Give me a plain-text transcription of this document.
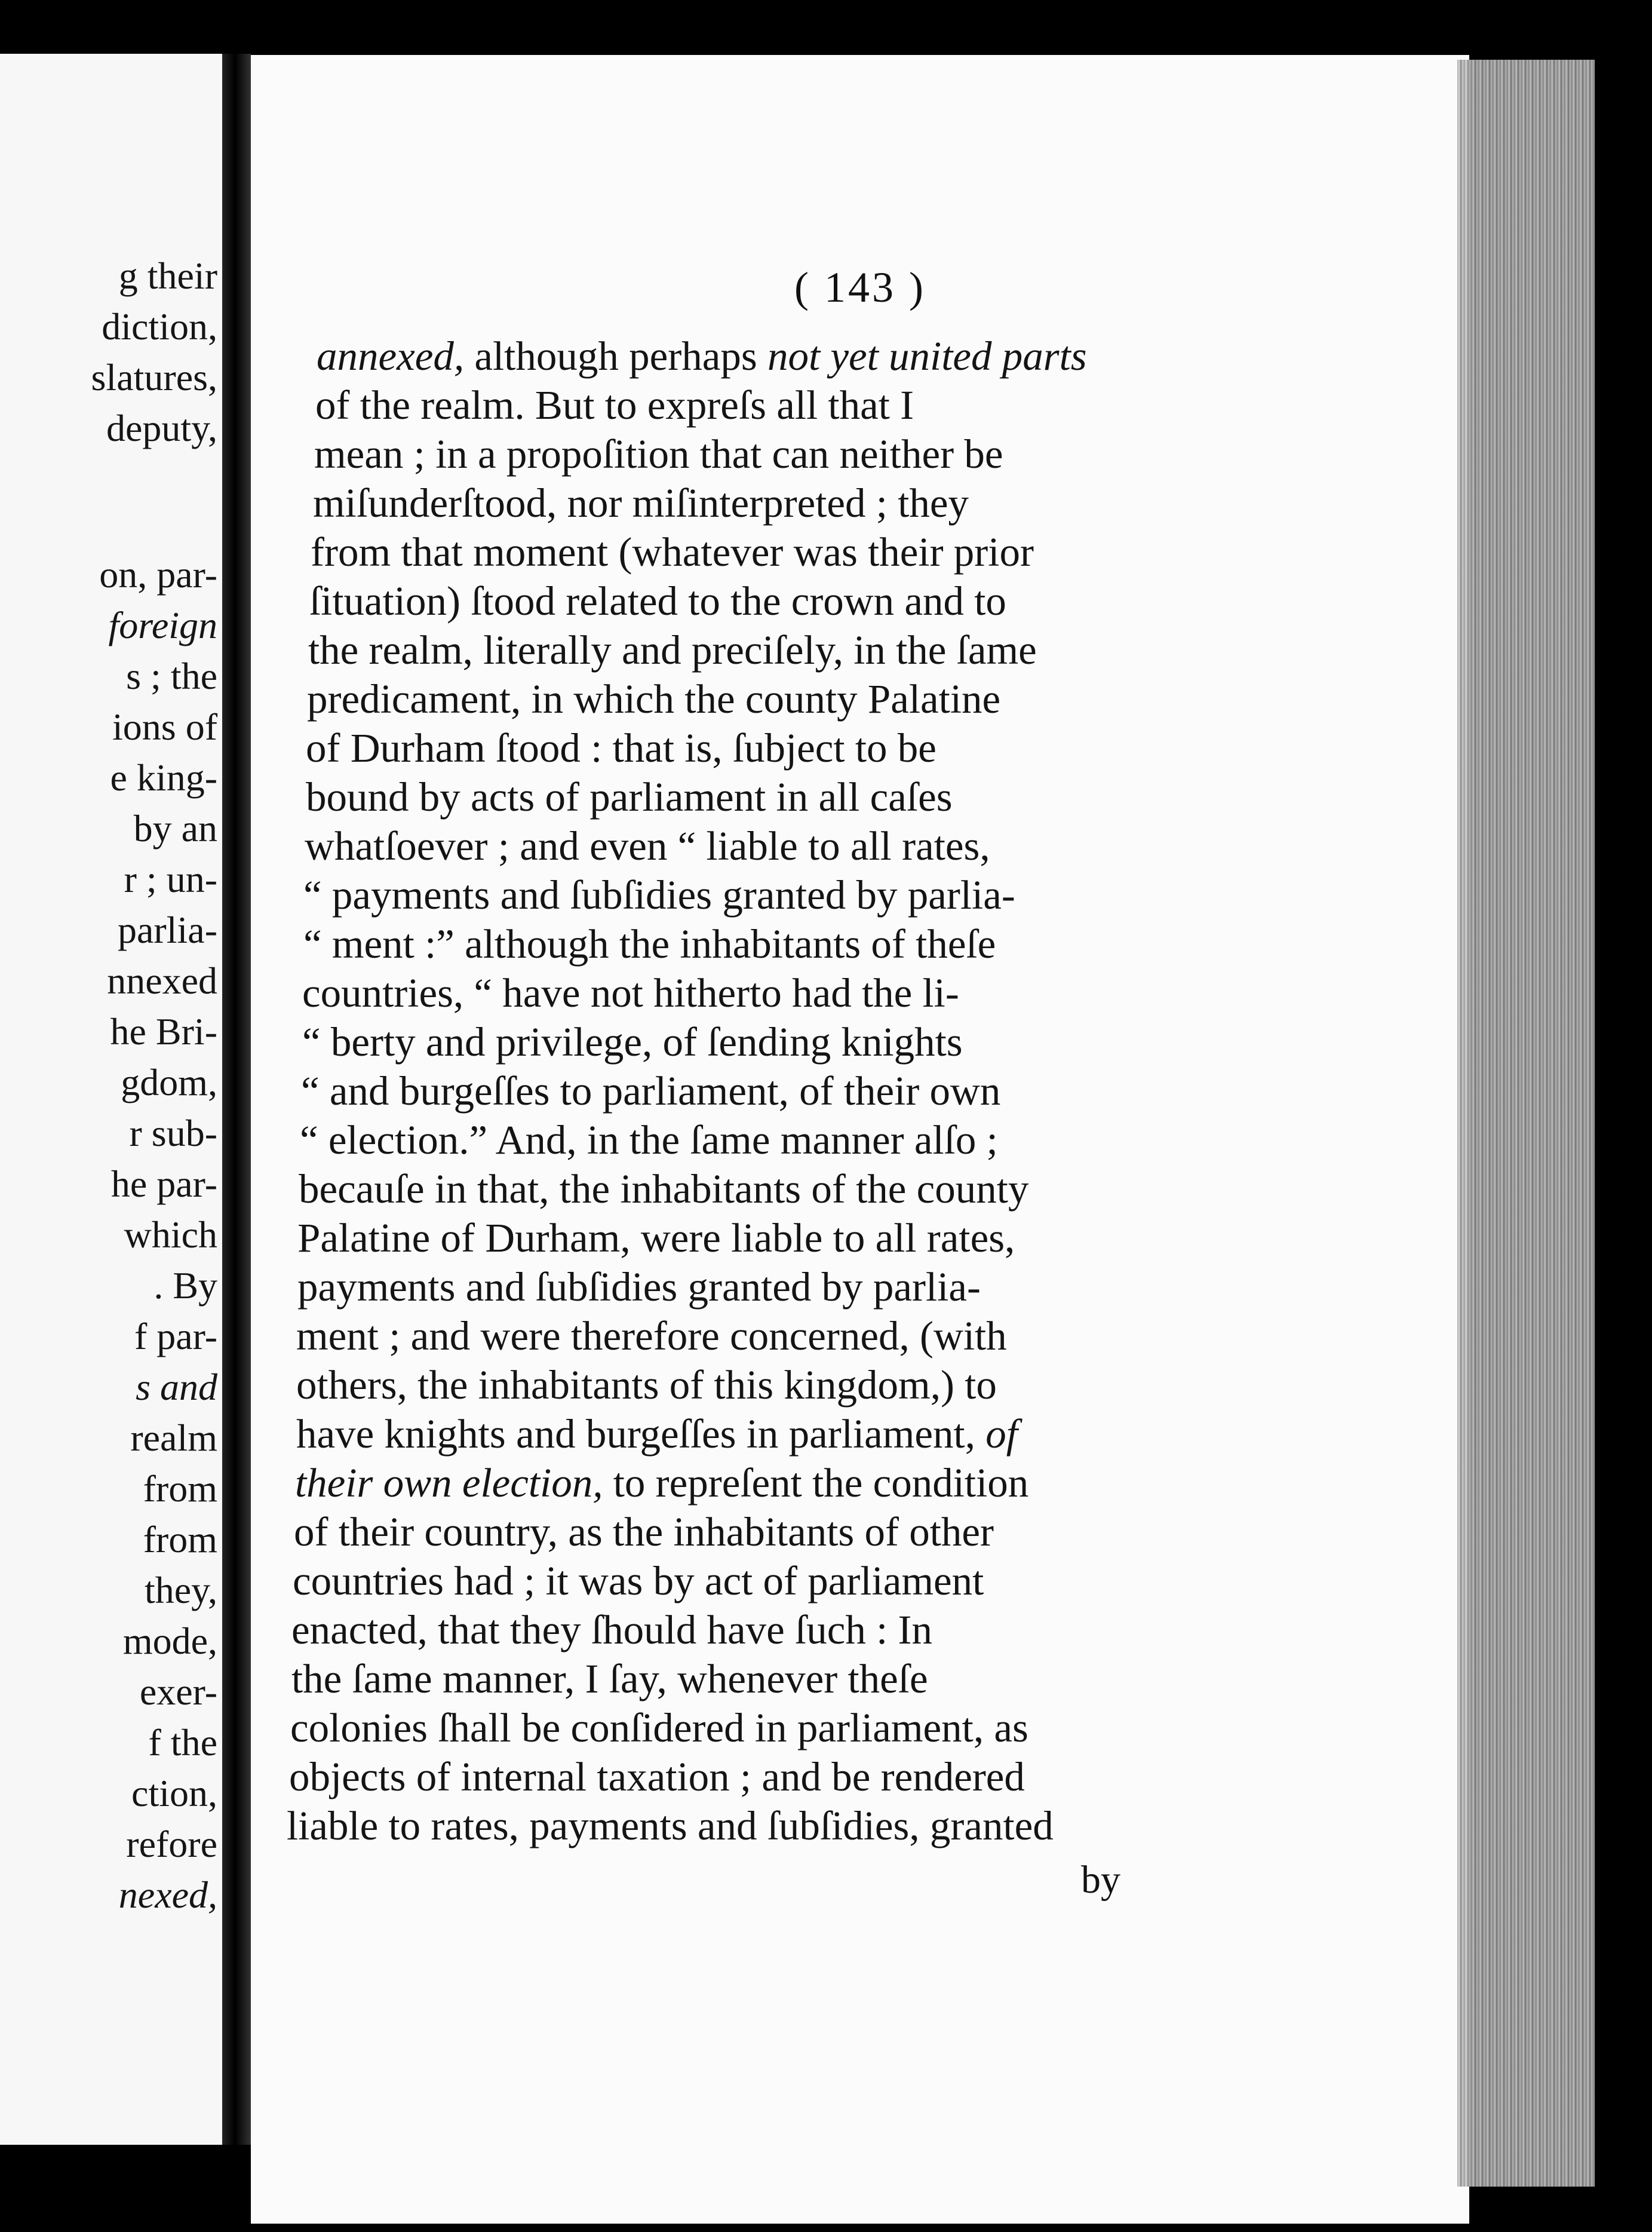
g their
diction,
slatures,
deputy,
on, par-
foreign
s ; the
ions of
e king-
by an
r ; un-
parlia-
nnexed
he Bri-
gdom,
r sub-
he par-
which
. By
f par-
s and
realm
from
from
they,
mode,
exer-
f the
ction,
refore
nexed,
( 143 )
annexed, although perhaps not yet united parts
of the realm. But to expreſs all that I
mean ; in a propoſition that can neither be
miſunderſtood, nor miſinterpreted ; they
from that moment (whatever was their prior
ſituation) ſtood related to the crown and to
the realm, literally and preciſely, in the ſame
predicament, in which the county Palatine
of Durham ſtood : that is, ſubject to be
bound by acts of parliament in all caſes
whatſoever ; and even “ liable to all rates,
“ payments and ſubſidies granted by parlia-
“ ment :” although the inhabitants of theſe
countries, “ have not hitherto had the li-
“ berty and privilege, of ſending knights
“ and burgeſſes to parliament, of their own
“ election.” And, in the ſame manner alſo ;
becauſe in that, the inhabitants of the county
Palatine of Durham, were liable to all rates,
payments and ſubſidies granted by parlia-
ment ; and were therefore concerned, (with
others, the inhabitants of this kingdom,) to
have knights and burgeſſes in parliament, of
their own election, to repreſent the condition
of their country, as the inhabitants of other
countries had ; it was by act of parliament
enacted, that they ſhould have ſuch : In
the ſame manner, I ſay, whenever theſe
colonies ſhall be conſidered in parliament, as
objects of internal taxation ; and be rendered
liable to rates, payments and ſubſidies, granted
by
